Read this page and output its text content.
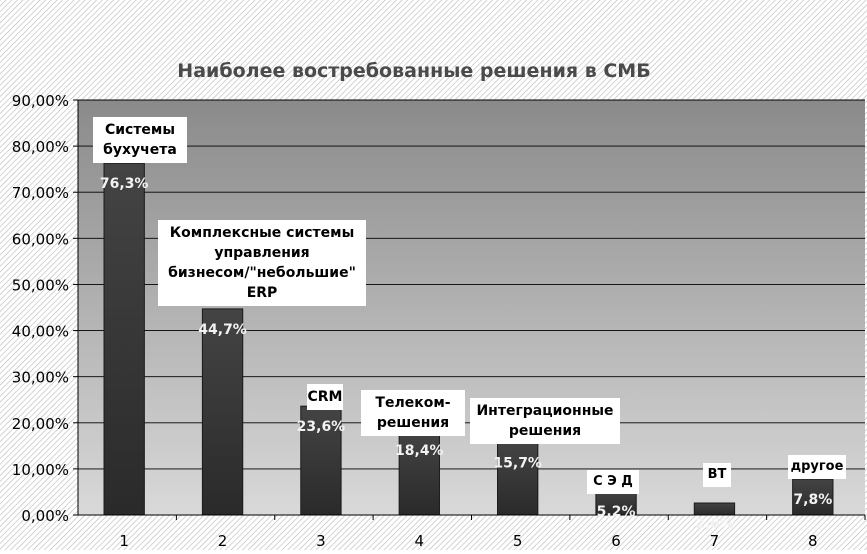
0,00%
10,00%
20,00%
30,00%
40,00%
50,00%
60,00%
70,00%
80,00%
90,00%
1	2	3	4	5	6	7	8
76,3%
44,7%
23,6%
18,4%
15,7%
5,2%
2,6%
7,8%
Системы
бухучета
Комплексные системы
управления
бизнесом/"небольшие"
ERP
CRM Телеком-
решения
Интеграционные
решения
С Э Д	ВТ
другое
Наиболее востребованные решения в СМБ
